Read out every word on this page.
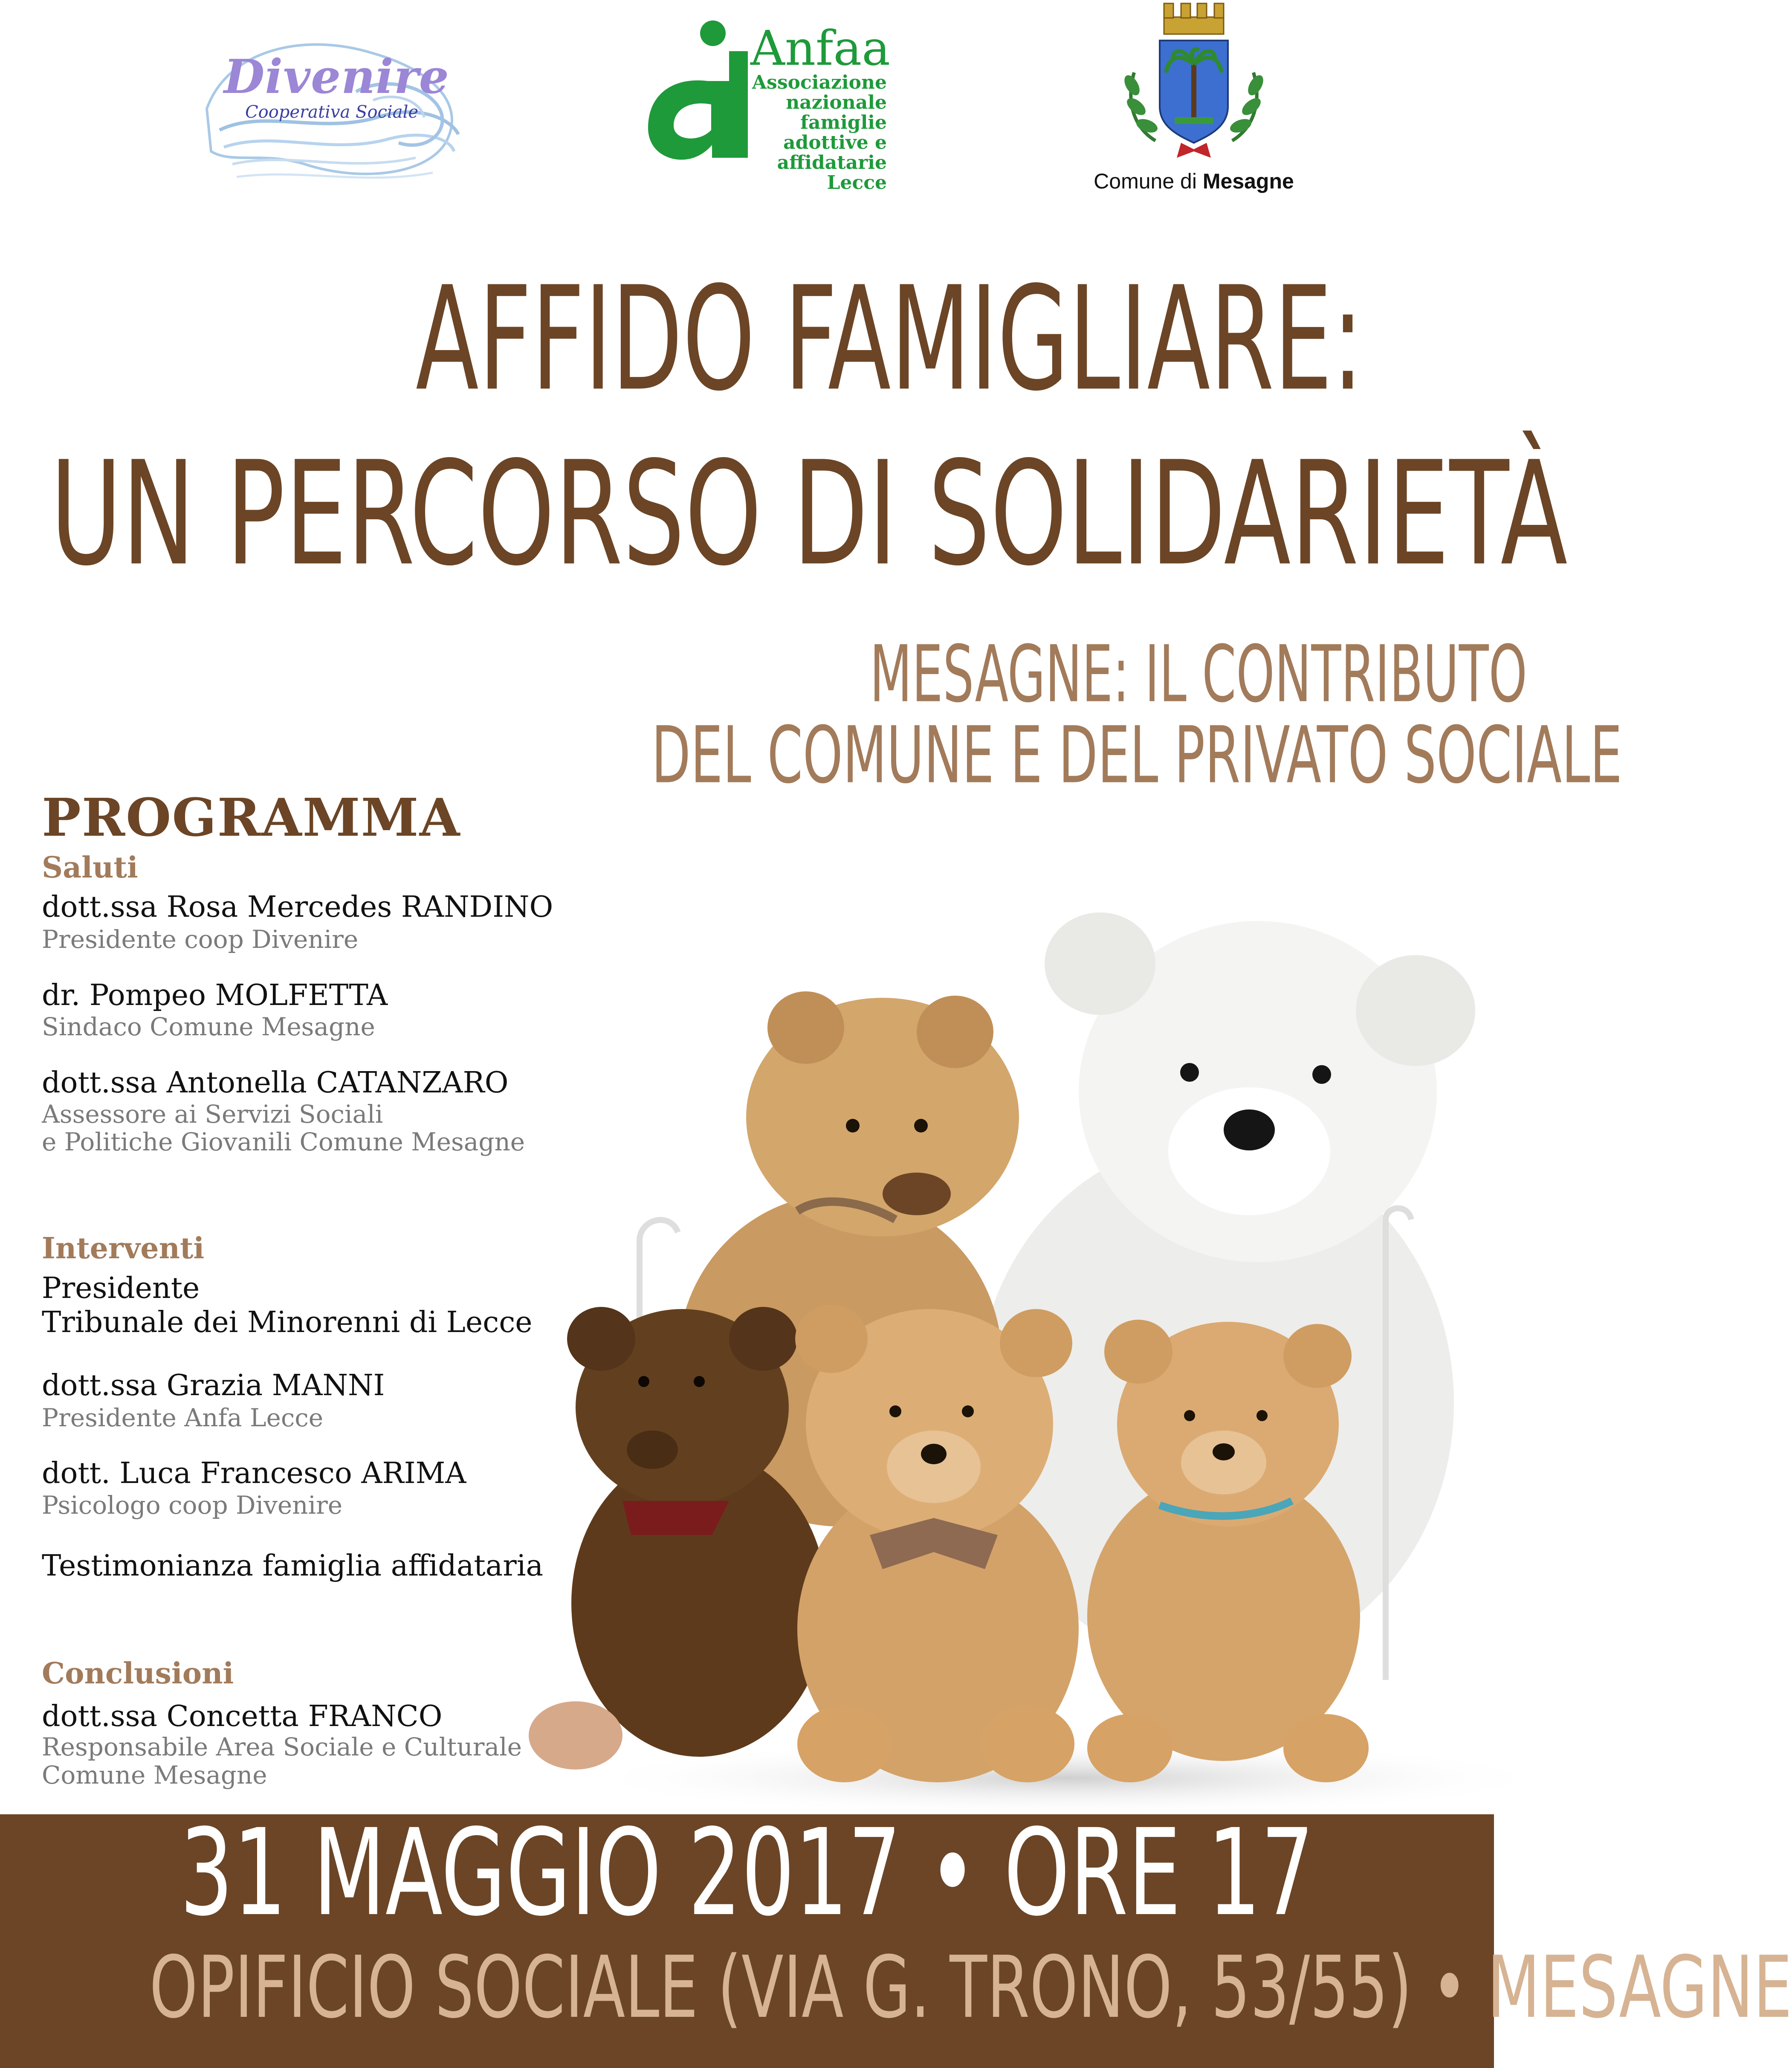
Divenire
Cooperativa Sociale
Anfaa
Associazione
nazionale
famiglie
adottive e
affidatarie
Lecce	Comune di Mesagne
AFFIDO FAMIGLIARE:
UN PERCORSO DI SOLIDARIETÀ
MESAGNE: IL CONTRIBUTO
DEL COMUNE E DEL PRIVATO SOCIALE
PROGRAMMA
Saluti
dott.ssa Rosa Mercedes RANDINO
Presidente coop Divenire
dr. Pompeo MOLFETTA
Sindaco Comune Mesagne
dott.ssa Antonella CATANZARO
Assessore ai Servizi Sociali
e Politiche Giovanili Comune Mesagne
Interventi
Presidente
Tribunale dei Minorenni di Lecce
dott.ssa Grazia MANNI
Presidente Anfa Lecce
dott. Luca Francesco ARIMA
Psicologo coop Divenire
Testimonianza famiglia affidataria
Conclusioni
dott.ssa Concetta FRANCO
Responsabile Area Sociale e Culturale
Comune Mesagne
31 MAGGIO 2017 • ORE 17
OPIFICIO SOCIALE (VIA G. TRONO, 53/55) • MESAGNE
